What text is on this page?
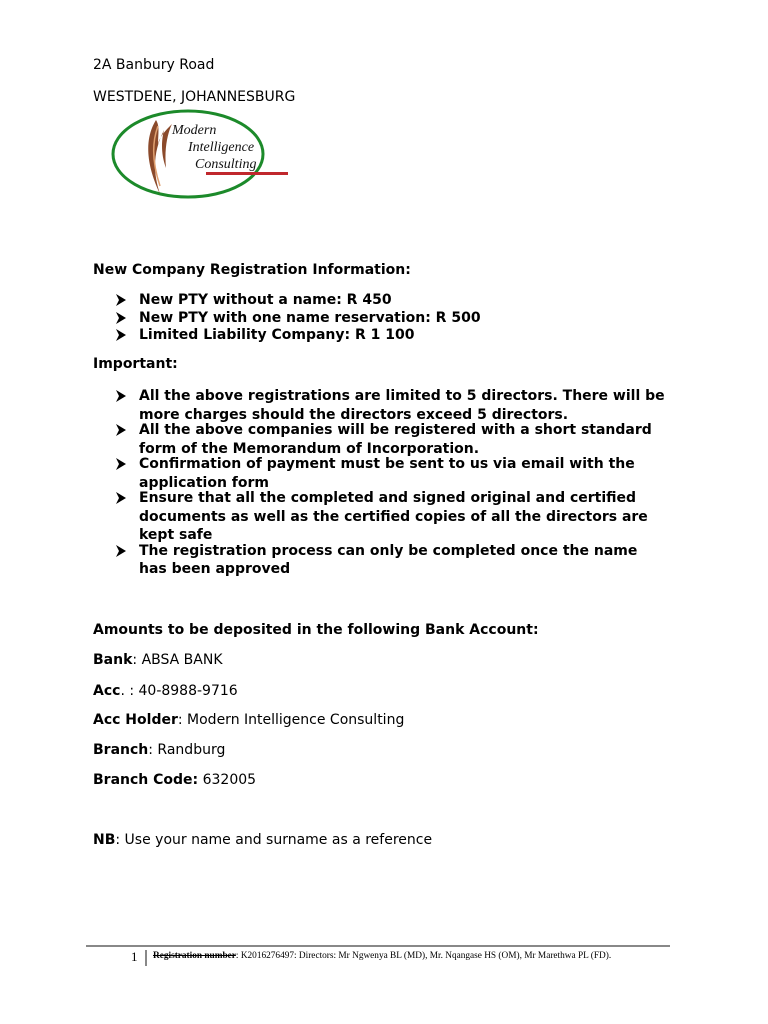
2A Banbury Road
WESTDENE, JOHANNESBURG
Modern
Intelligence
Consulting
New Company Registration Information:
New PTY without a name: R 450
New PTY with one name reservation: R 500
Limited Liability Company: R 1 100
Important:
All the above registrations are limited to 5 directors. There will be
more charges should the directors exceed 5 directors.
All the above companies will be registered with a short standard
form of the Memorandum of Incorporation.
Confirmation of payment must be sent to us via email with the
application form
Ensure that all the completed and signed original and certified
documents as well as the certified copies of all the directors are
kept safe
The registration process can only be completed once the name
has been approved
Amounts to be deposited in the following Bank Account:
Bank: ABSA BANK
Acc. : 40-8988-9716
Acc Holder: Modern Intelligence Consulting
Branch: Randburg
Branch Code: 632005
NB: Use your name and surname as a reference
1 Registration number: K2016276497: Directors: Mr Ngwenya BL (MD), Mr. Nqangase HS (OM), Mr Marethwa PL (FD).
